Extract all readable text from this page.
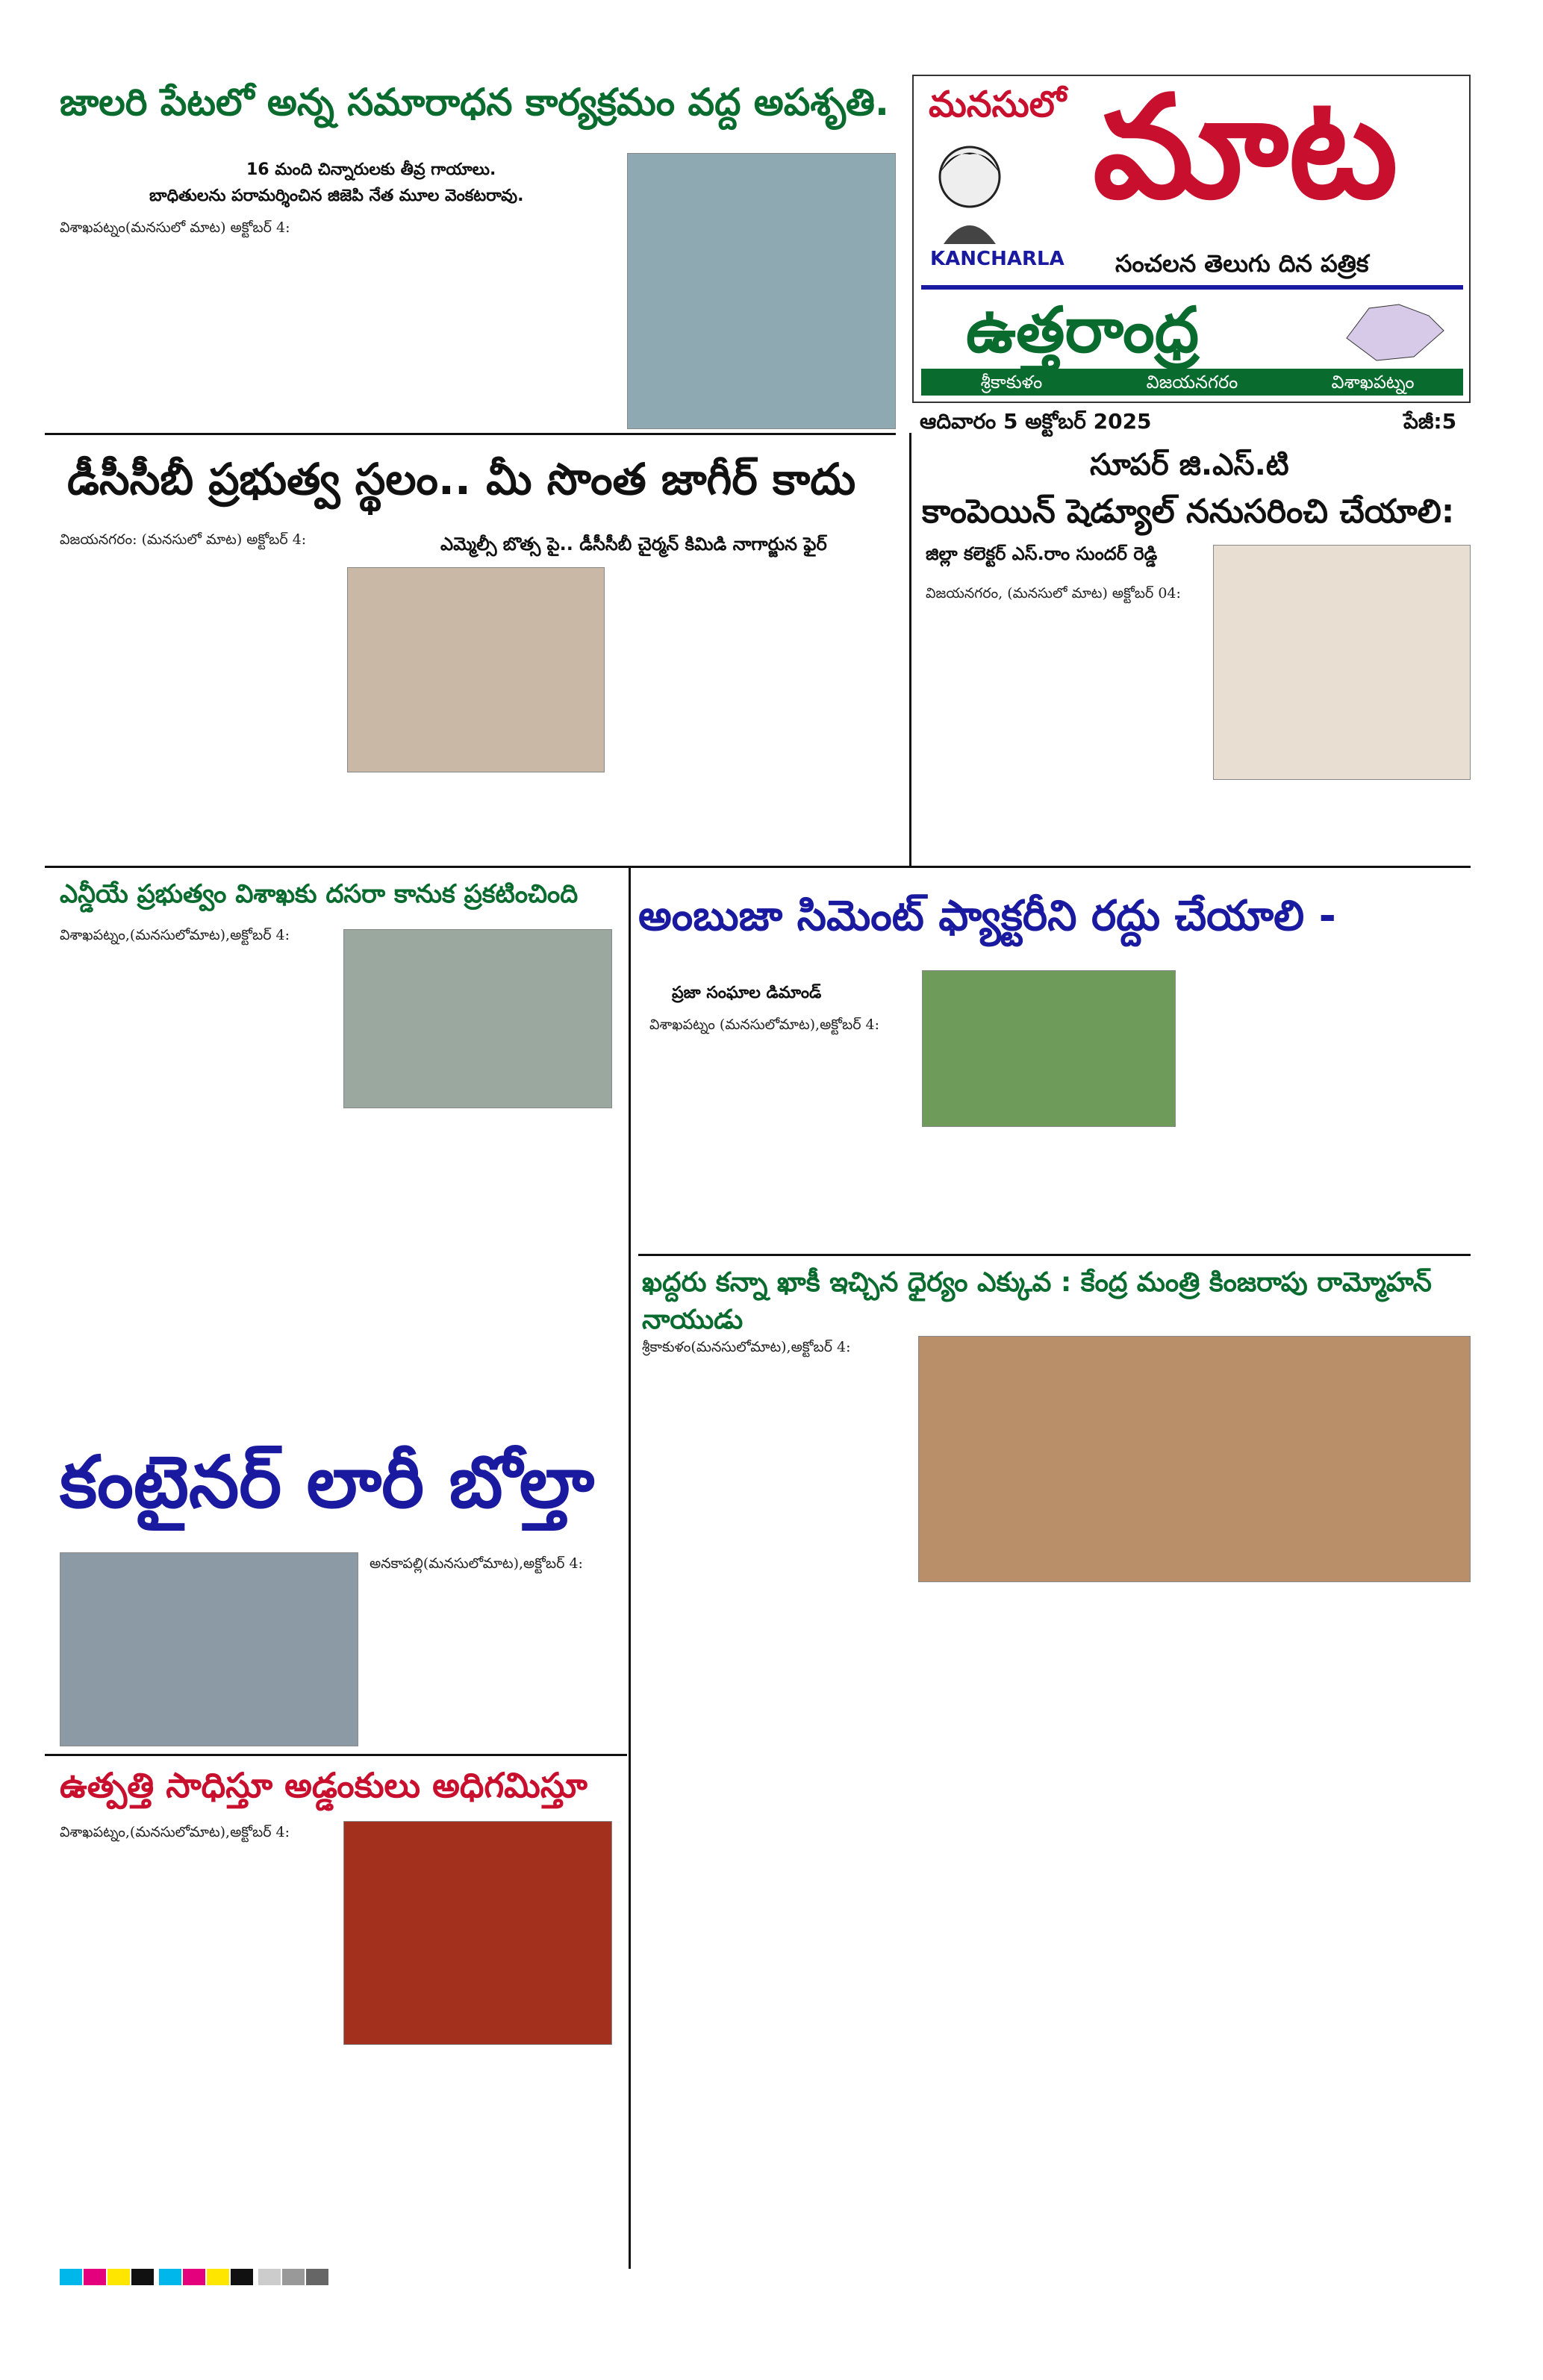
మనసులో మాట
KANCHARLA సంచలన తెలుగు దిన పత్రిక
ఉత్తరాంధ్ర
శ్రీకాకుళం	విజయనగరం	విశాఖపట్నం
ఆదివారం 5 అక్టోబర్ 2025	పేజీ:5
జాలరి పేటలో అన్న సమారాధన కార్యక్రమం వద్ద అపశృతి.
16 మంది చిన్నారులకు తీవ్ర గాయాలు.
బాధితులను పరామర్శించిన జిజెపి నేత మూల వెంకటరావు.
విశాఖపట్నం(మనసులో మాట) అక్టోబర్ 4:
డీసీసీబీ ప్రభుత్వ స్థలం.. మీ సొంత జాగీర్ కాదు
ఎమ్మెల్సీ బొత్స పై.. డీసీసీబీ చైర్మన్ కిమిడి నాగార్జున ఫైర్
విజయనగరం: (మనసులో మాట) అక్టోబర్ 4:
సూపర్ జి.ఎస్.టి
కాంపెయిన్ షెడ్యూల్ ననుసరించి చేయాలి:
జిల్లా కలెక్టర్ ఎస్.రాం సుందర్ రెడ్డి
విజయనగరం, (మనసులో మాట) అక్టోబర్ 04:
ఎన్డీయే ప్రభుత్వం విశాఖకు దసరా కానుక ప్రకటించింది
విశాఖపట్నం,(మనసులోమాట),అక్టోబర్ 4:	అంబుజా సిమెంట్ ఫ్యాక్టరీని రద్దు చేయాలి -
ప్రజా సంఘాల డిమాండ్
విశాఖపట్నం (మనసులోమాట),అక్టోబర్ 4:
ఖద్దరు కన్నా ఖాకీ ఇచ్చిన ధైర్యం ఎక్కువ : కేంద్ర మంత్రి కింజరాపు రామ్మోహన్ నాయుడు
శ్రీకాకుళం(మనసులోమాట),అక్టోబర్ 4:
కంటైనర్ లారీ బోల్తా
అనకాపల్లి(మనసులోమాట),అక్టోబర్ 4:
ఉత్పత్తి సాధిస్తూ అడ్డంకులు అధిగమిస్తూ
విశాఖపట్నం,(మనసులోమాట),అక్టోబర్ 4:
